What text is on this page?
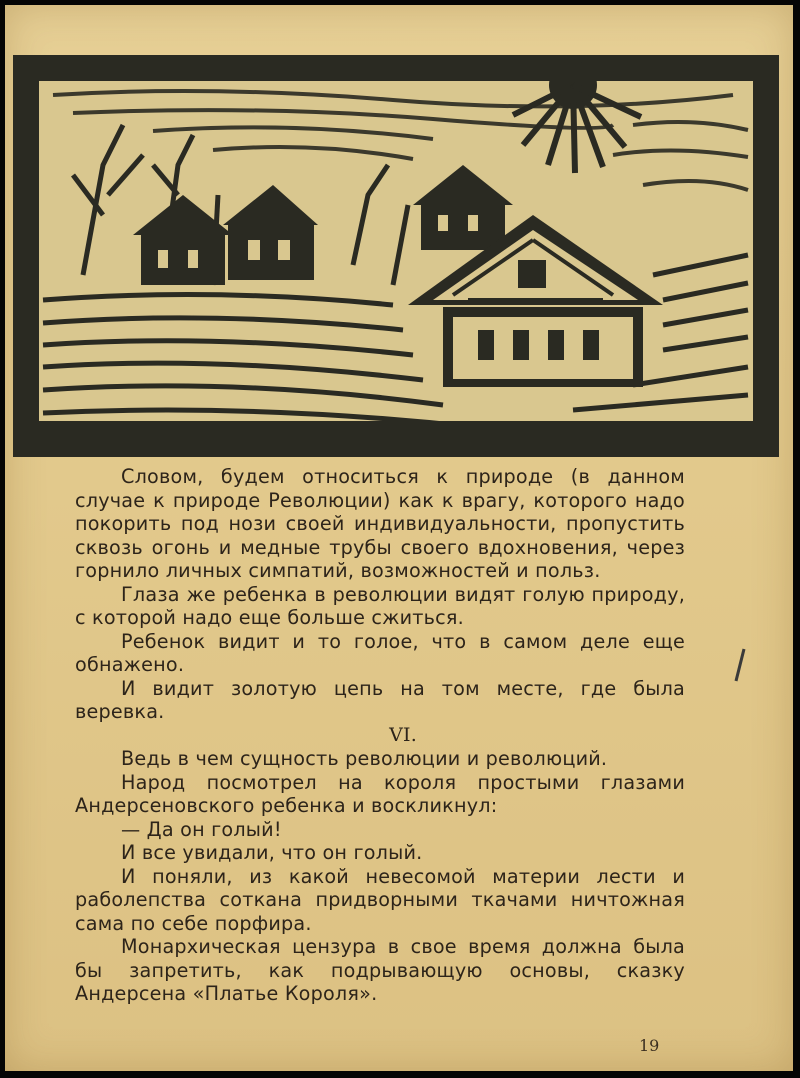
Словом, будем относиться к природе (в данном случае к природе Революции) как к врагу, которого надо покорить под нози своей индивидуальности, пропустить сквозь огонь и медные трубы своего вдохновения, через горнило личных симпатий, возможностей и польз.

Глаза же ребенка в революции видят голую природу, с которой надо еще больше сжиться.

Ребенок видит и то голое, что в самом деле еще обнажено.

И видит золотую цепь на том месте, где была веревка.

VI.

Ведь в чем сущность революции и революций.

Народ посмотрел на короля простыми глазами Андерсеновского ребенка и воскликнул:

— Да он голый!

И все увидали, что он голый.

И поняли, из какой невесомой материи лести и раболепства соткана придворными ткачами ничтожная сама по себе порфира.

Монархическая цензура в свое время должна была бы запретить, как подрывающую основы, сказку Андерсена «Платье Короля».

19
